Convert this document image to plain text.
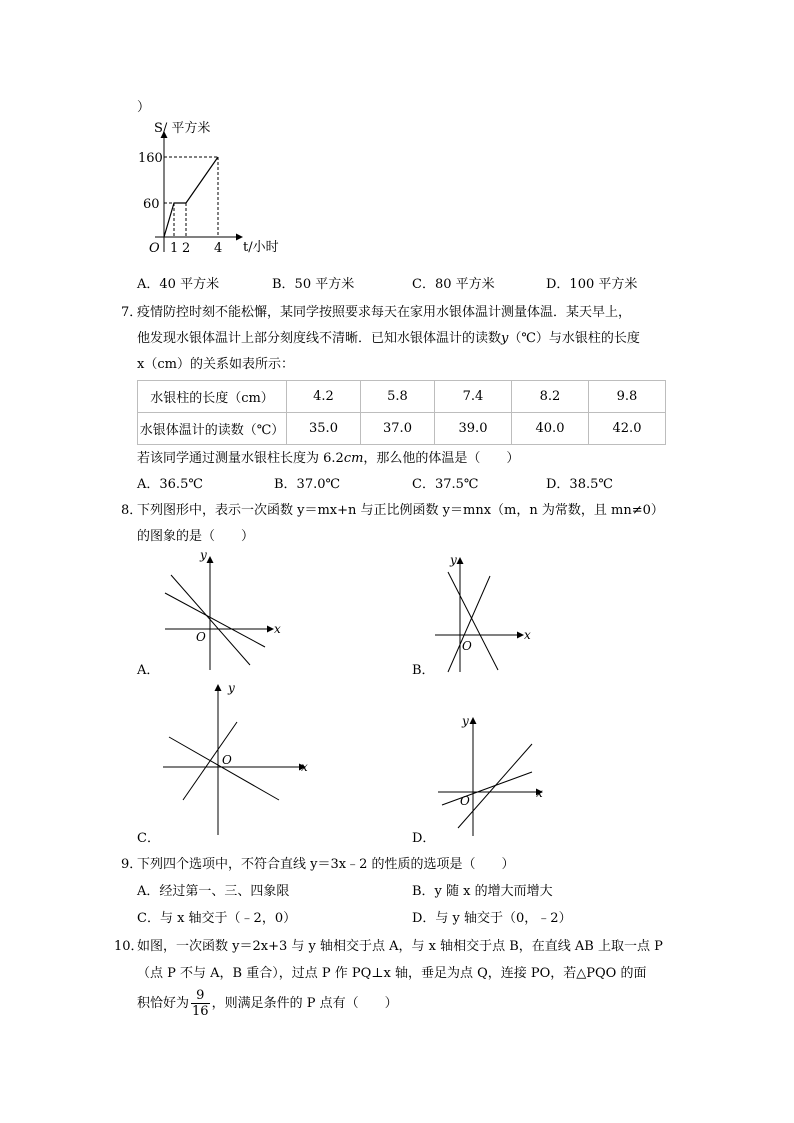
）
S/ 平方米
t/小时
O
160
60
1 2 4
A．40 平方米	B．50 平方米	C．80 平方米	D．100 平方米
7．
疫情防控时刻不能松懈，某同学按照要求每天在家用水银体温计测量体温．某天早上，
他发现水银体温计上部分刻度线不清晰．已知水银体温计的读数y（℃）与水银柱的长度
x（cm）的关系如表所示：
水银柱的长度（cm）	4.2	5.8	7.4	8.2	9.8
水银体温计的读数（℃）	35.0	37.0	39.0	40.0	42.0
若该同学通过测量水银柱长度为 6.2cm，那么他的体温是（　　）
A．36.5℃	B．37.0℃	C．37.5℃	D．38.5℃
8．
下列图形中，表示一次函数 y＝mx+n 与正比例函数 y＝mnx（m，n 为常数，且 mn≠0）
的图象的是（　　）
x
y
O
A．
x
y
O
B．
x
y
O
C．
x
y
O
D．
9．
下列四个选项中，不符合直线 y＝3x﹣2 的性质的选项是（　　）
A．经过第一、三、四象限	B．y 随 x 的增大而增大
C．与 x 轴交于（﹣2，0）	D．与 y 轴交于（0，﹣2）
10．
如图，一次函数 y＝2x+3 与 y 轴相交于点 A，与 x 轴相交于点 B，在直线 AB 上取一点 P
（点 P 不与 A，B 重合），过点 P 作 PQ⊥x 轴，垂足为点 Q，连接 PO，若△PQO 的面
积恰好为 $\frac{9}{16}$ ，则满足条件的 P 点有（　　）
